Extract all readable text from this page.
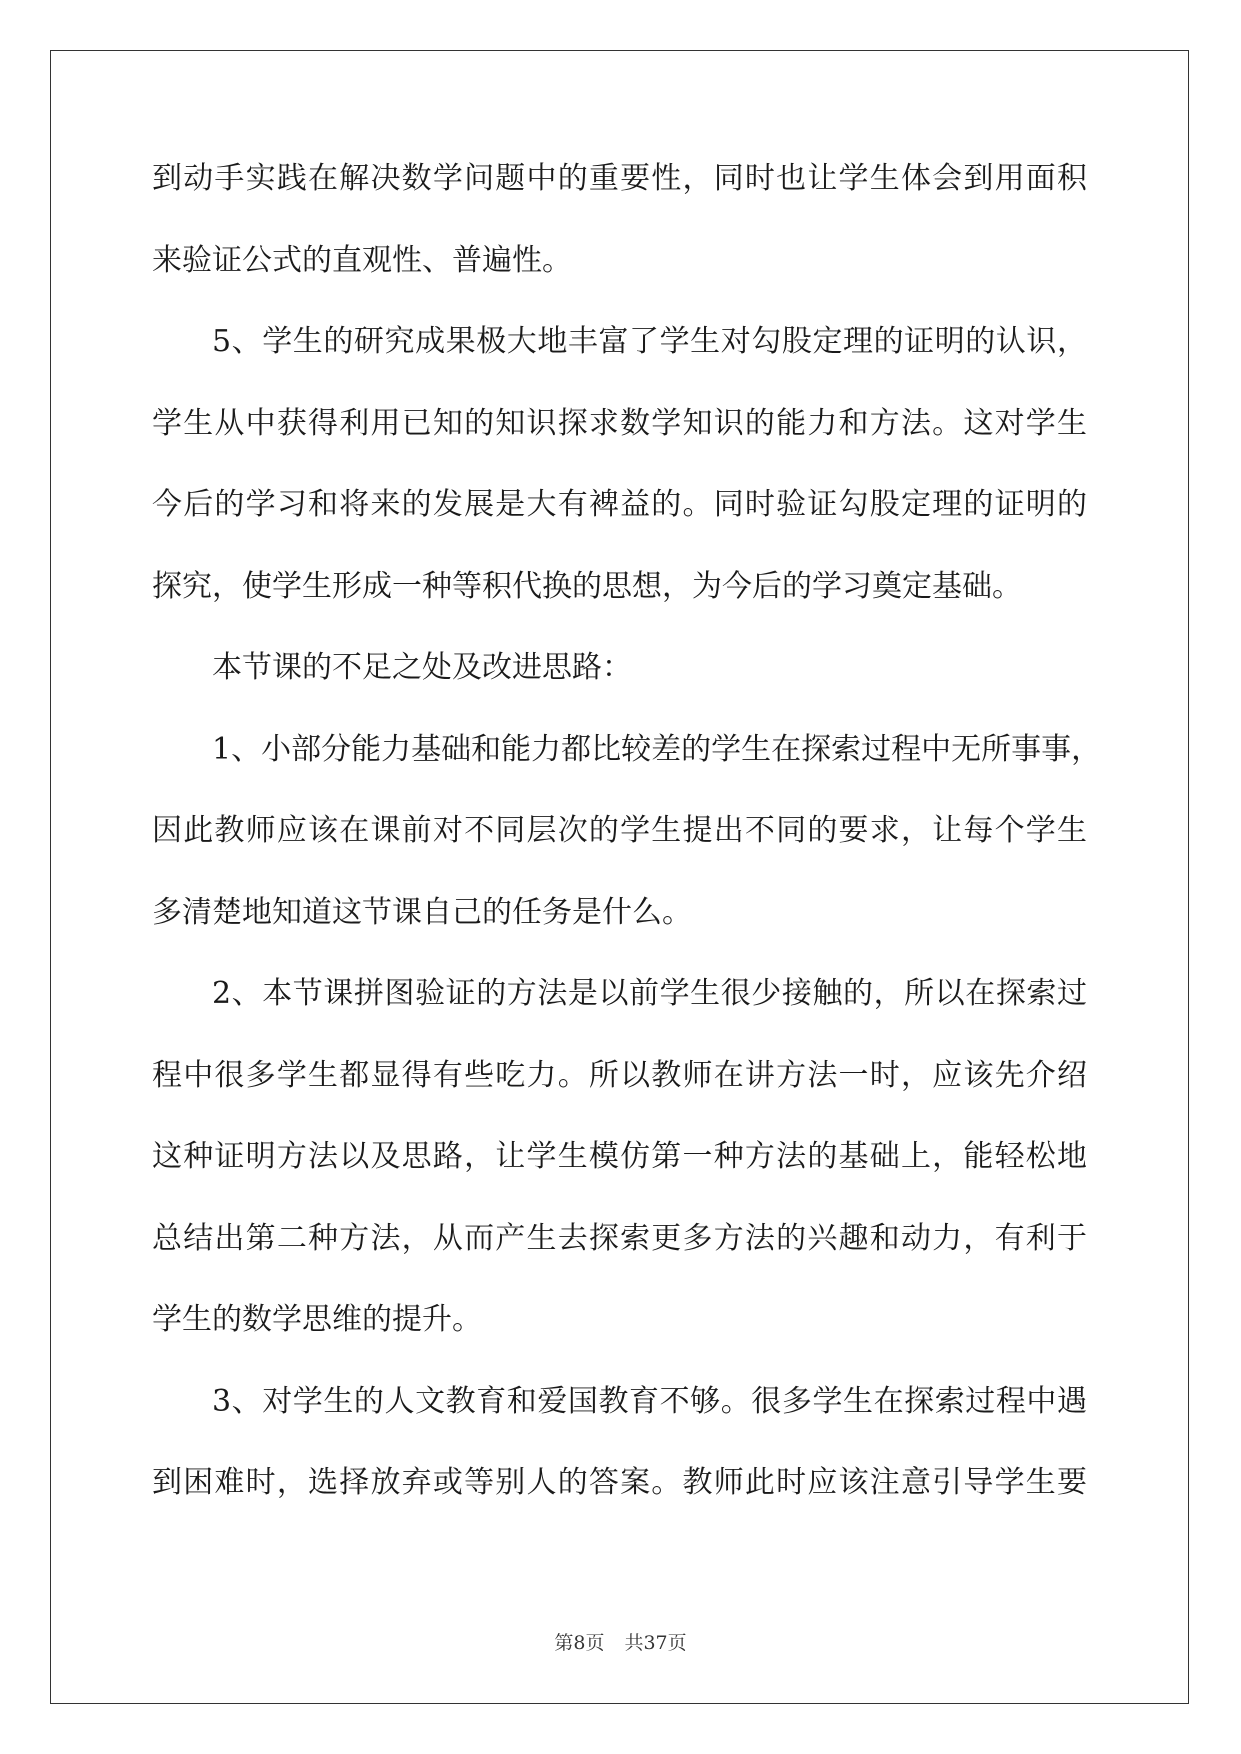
到动手实践在解决数学问题中的重要性，同时也让学生体会到用面积
来验证公式的直观性、普遍性。
5、学生的研究成果极大地丰富了学生对勾股定理的证明的认识，
学生从中获得利用已知的知识探求数学知识的能力和方法。这对学生
今后的学习和将来的发展是大有裨益的。同时验证勾股定理的证明的
探究，使学生形成一种等积代换的思想，为今后的学习奠定基础。
本节课的不足之处及改进思路：
1、小部分能力基础和能力都比较差的学生在探索过程中无所事事，
因此教师应该在课前对不同层次的学生提出不同的要求，让每个学生
多清楚地知道这节课自己的任务是什么。
2、本节课拼图验证的方法是以前学生很少接触的，所以在探索过
程中很多学生都显得有些吃力。所以教师在讲方法一时，应该先介绍
这种证明方法以及思路，让学生模仿第一种方法的基础上，能轻松地
总结出第二种方法，从而产生去探索更多方法的兴趣和动力，有利于
学生的数学思维的提升。
3、对学生的人文教育和爱国教育不够。很多学生在探索过程中遇
到困难时，选择放弃或等别人的答案。教师此时应该注意引导学生要
第8页 共37页
